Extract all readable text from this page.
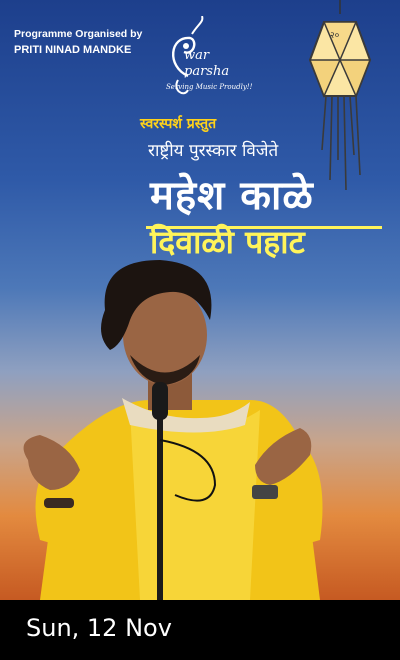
Programme Organised by
PRITI NINAD MANDKE	war
parsha
Serving Music Proudly!!
२०
स्वरस्पर्श प्रस्तुत
राष्ट्रीय पुरस्कार विजेते
महेश काळे
दिवाळी पहाट
Sun, 12 Nov
